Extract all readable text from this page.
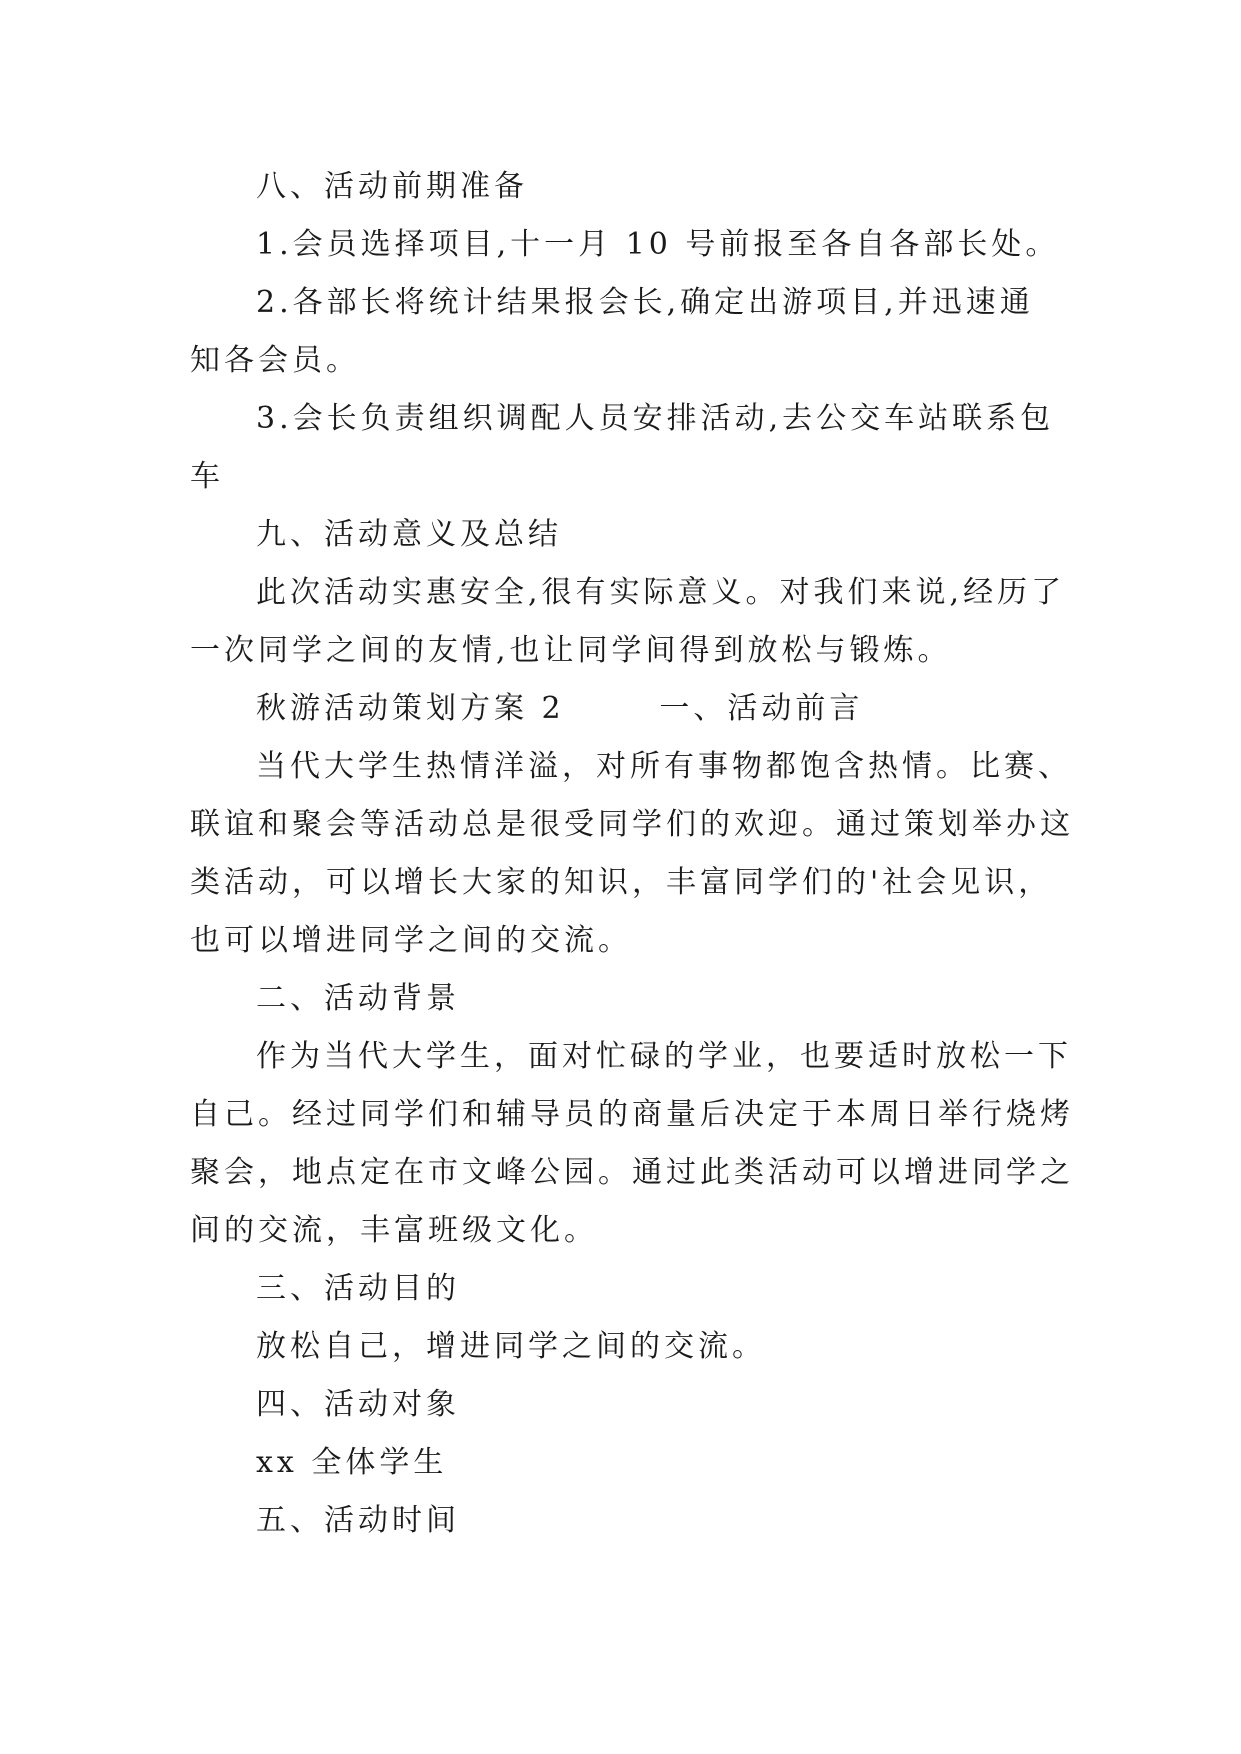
八、活动前期准备
1.会员选择项目,十一月 10 号前报至各自各部长处。
2.各部长将统计结果报会长,确定出游项目,并迅速通
知各会员。
3.会长负责组织调配人员安排活动,去公交车站联系包
车
九、活动意义及总结
此次活动实惠安全,很有实际意义。对我们来说,经历了
一次同学之间的友情,也让同学间得到放松与锻炼。
秋游活动策划方案 2       一、活动前言
当代大学生热情洋溢，对所有事物都饱含热情。比赛、
联谊和聚会等活动总是很受同学们的欢迎。通过策划举办这
类活动，可以增长大家的知识，丰富同学们的'社会见识，
也可以增进同学之间的交流。
二、活动背景
作为当代大学生，面对忙碌的学业，也要适时放松一下
自己。经过同学们和辅导员的商量后决定于本周日举行烧烤
聚会，地点定在市文峰公园。通过此类活动可以增进同学之
间的交流，丰富班级文化。
三、活动目的
放松自己，增进同学之间的交流。
四、活动对象
xx 全体学生
五、活动时间
